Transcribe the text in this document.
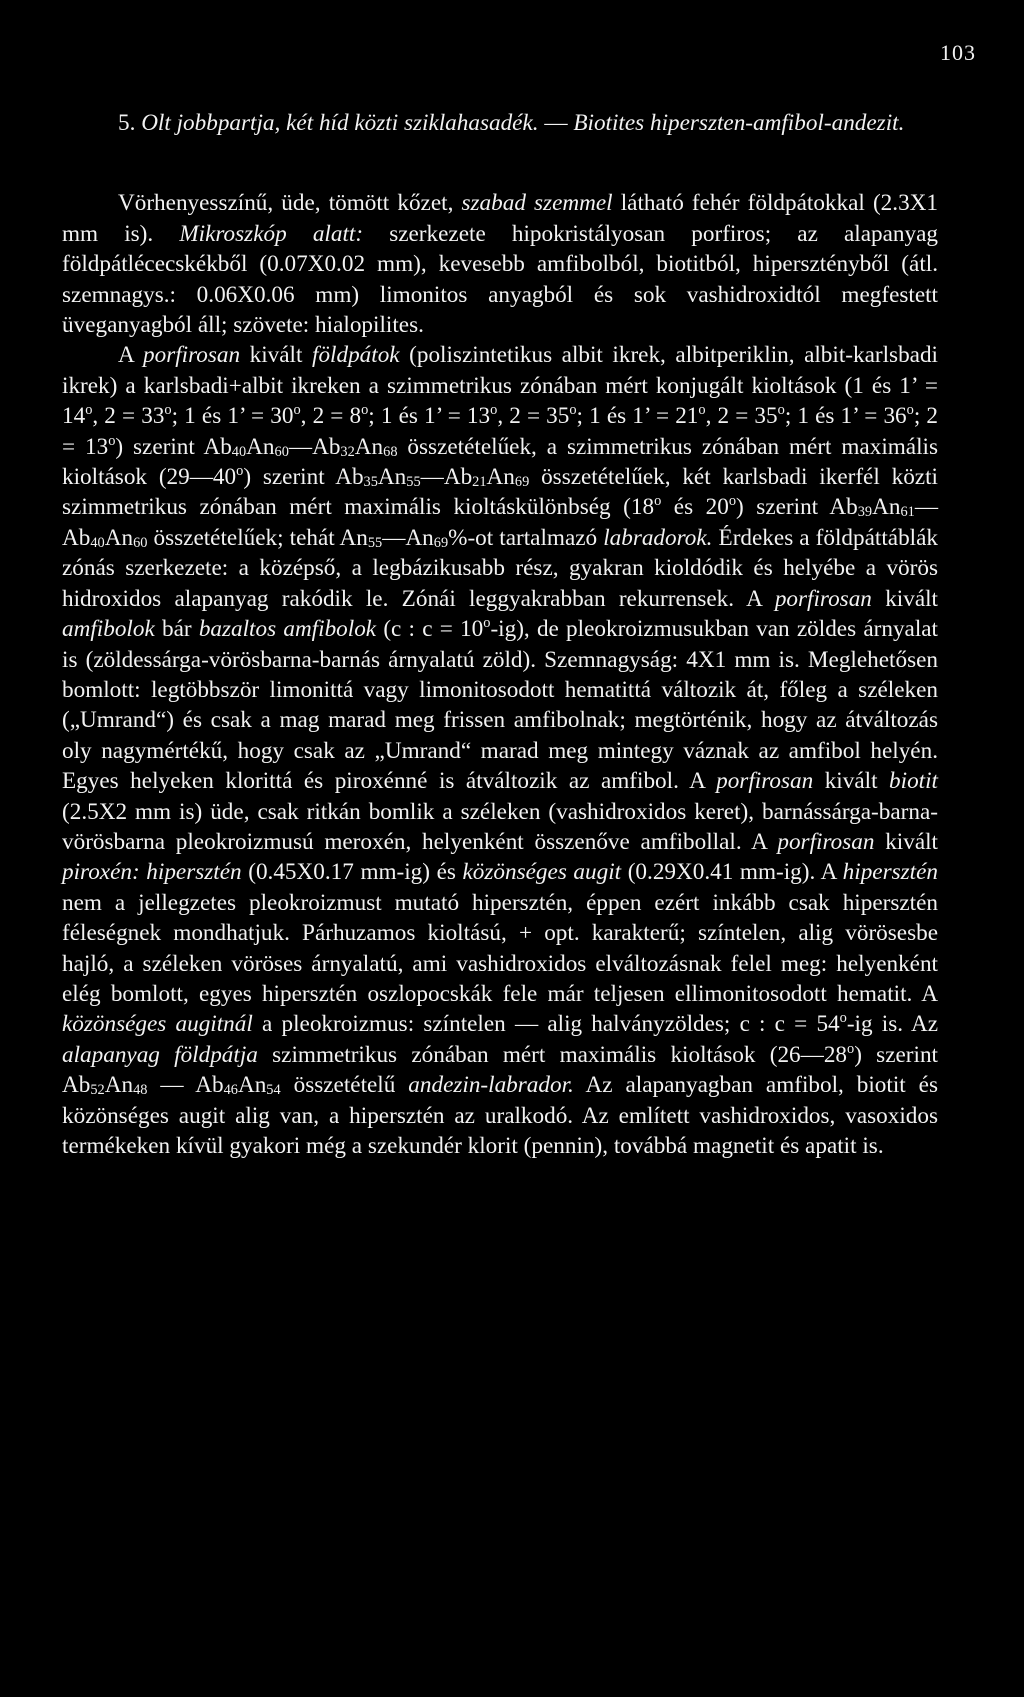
103

5. Olt jobbpartja, két híd közti sziklahasadék. — Biotites hiperszten-amfibol-andezit.

Vörhenyesszínű, üde, tömött kőzet, szabad szemmel látható fehér földpátokkal (2.3X1 mm is). Mikroszkóp alatt: szerkezete hipokristályosan porfiros; az alapanyag földpátlécecskékből (0.07X0.02 mm), kevesebb amfibolból, biotitból, hipersztényből (átl. szemnagys.: 0.06X0.06 mm) limonitos anyagból és sok vashidroxidtól megfestett üveganyagból áll; szövete: hialopilites.

A porfirosan kivált földpátok (poliszintetikus albit ikrek, albitperiklin, albit-karlsbadi ikrek) a karlsbadi+albit ikreken a szimmetrikus zónában mért konjugált kioltások (1 és 1’ = $14^o$, $2 = 33^o$; 1 és 1’ = $30^o$, $2 = 8^o$; 1 és 1’ = $13^o$, $2 = 35^o$; 1 és 1’ = $21^o$, $2 = 35^o$; 1 és 1’ = $36^o$; $2 = 13^o$) szerint $Ab_{40}An_{60}—Ab_{32}An_{68}$ összetételűek, a szimmetrikus zónában mért maximális kioltások (29—40$^o$) szerint $Ab_{35}An_{55}—Ab_{21}An_{69}$ összetételűek, két karlsbadi ikerfél közti szimmetrikus zónában mért maximális kioltáskülönbség (18$^o$ és 20$^o$) szerint $Ab_{39}An_{61}—Ab_{40}An_{60}$ összetételűek; tehát $An_{55}—An_{69}\%-ot$ tartalmazó labradorok. Érdekes a földpáttáblák zónás szerkezete: a középső, a legbázikusabb rész, gyakran kioldódik és helyébe a vörös hidroxidos alapanyag rakódik le. Zónái leggyakrabban rekurrensek. A porfirosan kivált amfibolok bár bazaltos amfibolok (c : $c = 10^o-ig$), de pleokroizmusukban van zöldes árnyalat is (zöldessárga-vörösbarna-barnás árnyalatú zöld). Szemnagyság: 4X1 mm is. Meglehetősen bomlott: legtöbbször limonittá vagy limonitosodott hematittá változik át, főleg a széleken („Umrand“) és csak a mag marad meg frissen amfibolnak; megtörténik, hogy az átváltozás oly nagymértékű, hogy csak az „Umrand“ marad meg mintegy váznak az amfibol helyén. Egyes helyeken klorittá és piroxénné is átváltozik az amfibol. A porfirosan kivált biotit (2.5X2 mm is) üde, csak ritkán bomlik a széleken (vashidroxidos keret), barnássárga-barna-vörösbarna pleokroizmusú meroxén, helyenként összenőve amfibollal. A porfirosan kivált piroxén: hipersztén (0.45X0.17 mm-ig) és közönséges augit (0.29X0.41 mm-ig). A hipersztén nem a jellegzetes pleokroizmust mutató hipersztén, éppen ezért inkább csak hipersztén féleségnek mondhatjuk. Párhuzamos kioltású, + opt. karakterű; színtelen, alig vörösesbe hajló, a széleken vöröses árnyalatú, ami vashidroxidos elváltozásnak felel meg: helyenként elég bomlott, egyes hipersztén oszlopocskák fele már teljesen ellimonitosodott hematit. A közönséges augitnál a pleokroizmus: színtelen — alig halványzöldes; c : $c = 54^o-ig$ is. Az alapanyag földpátja szimmetrikus zónában mért maximális kioltások (26—28$^o$) szerint $Ab_{52}An_{48}$ — $Ab_{46}An_{54}$ összetételű andezin-labrador. Az alapanyagban amfibol, biotit és közönséges augit alig van, a hipersztén az uralkodó. Az említett vashidroxidos, vasoxidos termékeken kívül gyakori még a szekundér klorit (pennin), továbbá magnetit és apatit is.
